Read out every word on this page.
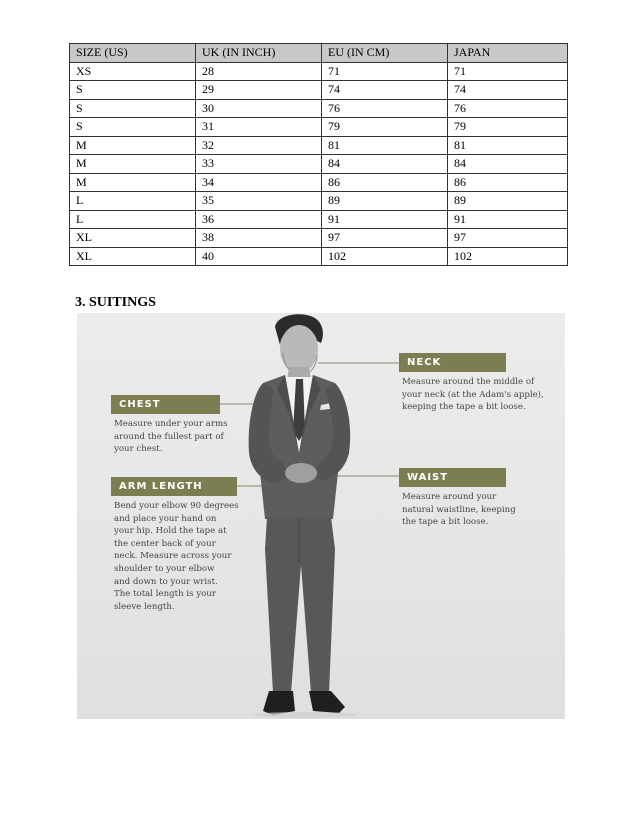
SIZE (US)	UK (IN INCH)	EU (IN CM)	JAPAN
XS	28	71	71
S	29	74	74
S	30	76	76
S	31	79	79
M	32	81	81
M	33	84	84
M	34	86	86
L	35	89	89
L	36	91	91
XL	38	97	97
XL	40	102	102
3. SUITINGS
NECK
Measure around the middle of
your neck (at the Adam's apple),
keeping the tape a bit loose.
CHEST
Measure under your arms
around the fullest part of
your chest.
WAIST
Measure around your
natural waistline, keeping
the tape a bit loose.
ARM LENGTH
Bend your elbow 90 degrees
and place your hand on
your hip. Hold the tape at
the center back of your
neck. Measure across your
shoulder to your elbow
and down to your wrist.
The total length is your
sleeve length.
